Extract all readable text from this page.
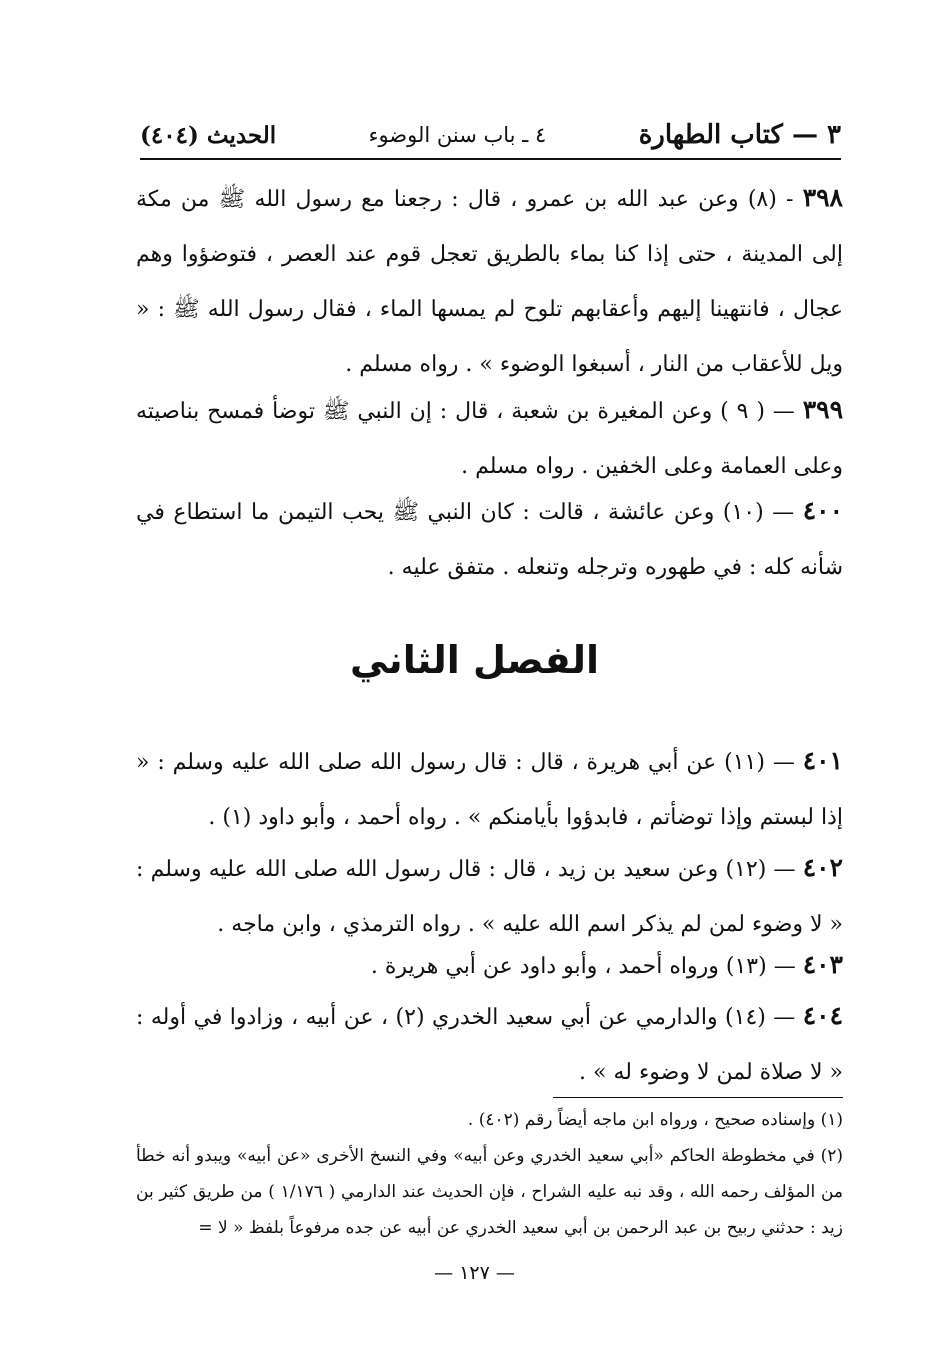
٣ — كتاب الطهارة
٤ ـ باب سنن الوضوء
الحديث (٤٠٤)

٣٩٨ - (٨) وعن عبد الله بن عمرو ، قال : رجعنا مع رسول الله ﷺ من مكة إلى المدينة ، حتى إذا كنا بماء بالطريق تعجل قوم عند العصر ، فتوضؤوا وهم عجال ، فانتهينا إليهم وأعقابهم تلوح لم يمسها الماء ، فقال رسول الله ﷺ : « ويل للأعقاب من النار ، أسبغوا الوضوء » . رواه مسلم .

٣٩٩ — ( ٩ ) وعن المغيرة بن شعبة ، قال : إن النبي ﷺ توضأ فمسح بناصيته وعلى العمامة وعلى الخفين . رواه مسلم .

٤٠٠ — (١٠) وعن عائشة ، قالت : كان النبي ﷺ يحب التيمن ما استطاع في شأنه كله : في طهوره وترجله وتنعله . متفق عليه .

الفصل الثاني

٤٠١ — (١١) عن أبي هريرة ، قال : قال رسول الله صلى الله عليه وسلم : « إذا لبستم وإذا توضأتم ، فابدؤوا بأيامنكم » . رواه أحمد ، وأبو داود (١) .

٤٠٢ — (١٢) وعن سعيد بن زيد ، قال : قال رسول الله صلى الله عليه وسلم : « لا وضوء لمن لم يذكر اسم الله عليه » . رواه الترمذي ، وابن ماجه .

٤٠٣ — (١٣) ورواه أحمد ، وأبو داود عن أبي هريرة .

٤٠٤ — (١٤) والدارمي عن أبي سعيد الخدري (٢) ، عن أبيه ، وزادوا في أوله : « لا صلاة لمن لا وضوء له » .

(١) وإسناده صحيح ، ورواه ابن ماجه أيضاً رقم (٤٠٢) .

(٢) في مخطوطة الحاكم «أبي سعيد الخدري وعن أبيه» وفي النسخ الأخرى «عن أبيه» ويبدو أنه خطأ من المؤلف رحمه الله ، وقد نبه عليه الشراح ، فإن الحديث عند الدارمي ( ١/١٧٦ ) من طريق كثير بن زيد : حدثني ربيح بن عبد الرحمن بن أبي سعيد الخدري عن أبيه عن جده مرفوعاً بلفظ « لا =

— ١٢٧ —
